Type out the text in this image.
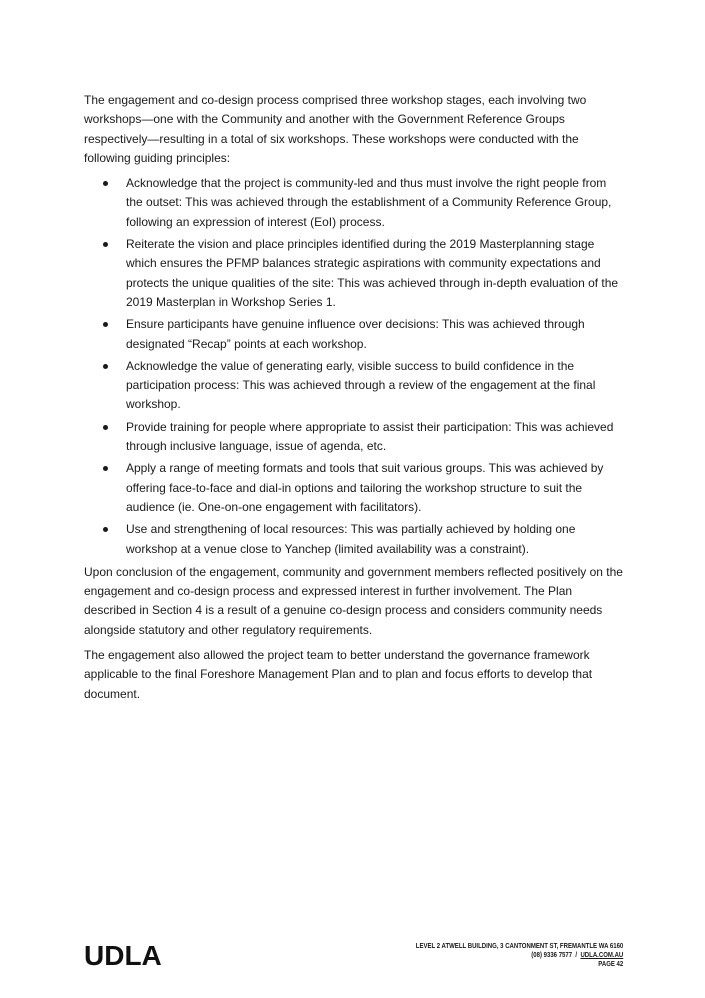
The engagement and co-design process comprised three workshop stages, each involving two workshops—one with the Community and another with the Government Reference Groups respectively—resulting in a total of six workshops. These workshops were conducted with the following guiding principles:

Acknowledge that the project is community-led and thus must involve the right people from the outset: This was achieved through the establishment of a Community Reference Group, following an expression of interest (EoI) process.
Reiterate the vision and place principles identified during the 2019 Masterplanning stage which ensures the PFMP balances strategic aspirations with community expectations and protects the unique qualities of the site: This was achieved through in-depth evaluation of the 2019 Masterplan in Workshop Series 1.
Ensure participants have genuine influence over decisions: This was achieved through designated “Recap” points at each workshop.
Acknowledge the value of generating early, visible success to build confidence in the participation process: This was achieved through a review of the engagement at the final workshop.
Provide training for people where appropriate to assist their participation: This was achieved through inclusive language, issue of agenda, etc.
Apply a range of meeting formats and tools that suit various groups. This was achieved by offering face-to-face and dial-in options and tailoring the workshop structure to suit the audience (ie. One-on-one engagement with facilitators).
Use and strengthening of local resources: This was partially achieved by holding one workshop at a venue close to Yanchep (limited availability was a constraint).

Upon conclusion of the engagement, community and government members reflected positively on the engagement and co-design process and expressed interest in further involvement. The Plan described in Section 4 is a result of a genuine co-design process and considers community needs alongside statutory and other regulatory requirements.

The engagement also allowed the project team to better understand the governance framework applicable to the final Foreshore Management Plan and to plan and focus efforts to develop that document.

UDLA	LEVEL 2 ATWELL BUILDING, 3 CANTONMENT ST, FREMANTLE WA 6160
(08) 9336 7577 / UDLA.COM.AU
PAGE 42
